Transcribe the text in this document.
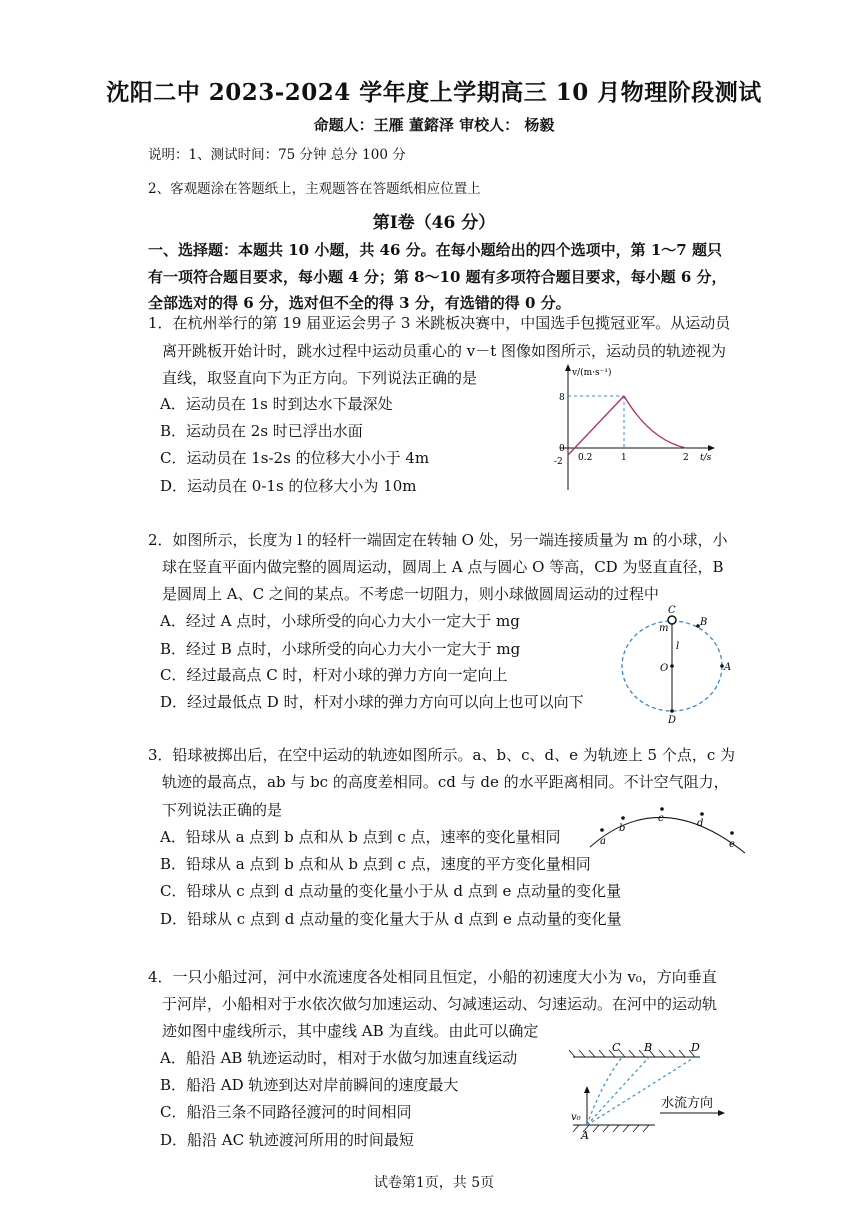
沈阳二中 2023-2024 学年度上学期高三 10 月物理阶段测试
命题人：王雁 董鎔泽 审校人： 杨毅
说明：1、测试时间：75 分钟 总分 100 分
2、客观题涂在答题纸上，主观题答在答题纸相应位置上
第Ⅰ卷（46 分）
一、选择题：本题共 10 小题，共 46 分。在每小题给出的四个选项中，第 1～7 题只有一项符合题目要求，每小题 4 分；第 8～10 题有多项符合题目要求，每小题 6 分，全部选对的得 6 分，选对但不全的得 3 分，有选错的得 0 分。
1．在杭州举行的第 19 届亚运会男子 3 米跳板决赛中，中国选手包揽冠亚军。从运动员
离开跳板开始计时，跳水过程中运动员重心的 v－t 图像如图所示，运动员的轨迹视为
直线，取竖直向下为正方向。下列说法正确的是
A．运动员在 1s 时到达水下最深处
B．运动员在 2s 时已浮出水面
C．运动员在 1s-2s 的位移大小小于 4m
D．运动员在 0-1s 的位移大小为 10m
v/(m·s⁻¹)
8
0
-2 0.2	1	2 t/s
2．如图所示，长度为 l 的轻杆一端固定在转轴 O 处，另一端连接质量为 m 的小球，小
球在竖直平面内做完整的圆周运动，圆周上 A 点与圆心 O 等高，CD 为竖直直径，B
是圆周上 A、C 之间的某点。不考虑一切阻力，则小球做圆周运动的过程中
A．经过 A 点时，小球所受的向心力大小一定大于 mg
B．经过 B 点时，小球所受的向心力大小一定大于 mg
C．经过最高点 C 时，杆对小球的弹力方向一定向上
D．经过最低点 D 时，杆对小球的弹力方向可以向上也可以向下
C
B
m
l
O	A
D
3．铅球被掷出后，在空中运动的轨迹如图所示。a、b、c、d、e 为轨迹上 5 个点，c 为
轨迹的最高点，ab 与 bc 的高度差相同。cd 与 de 的水平距离相同。不计空气阻力，
下列说法正确的是
A．铅球从 a 点到 b 点和从 b 点到 c 点，速率的变化量相同
B．铅球从 a 点到 b 点和从 b 点到 c 点，速度的平方变化量相同
C．铅球从 c 点到 d 点动量的变化量小于从 d 点到 e 点动量的变化量
D．铅球从 c 点到 d 点动量的变化量大于从 d 点到 e 点动量的变化量
a
b
c	d
e
4．一只小船过河，河中水流速度各处相同且恒定，小船的初速度大小为 v₀，方向垂直
于河岸，小船相对于水依次做匀加速运动、匀减速运动、匀速运动。在河中的运动轨
迹如图中虚线所示，其中虚线 AB 为直线。由此可以确定
A．船沿 AB 轨迹运动时，相对于水做匀加速直线运动
B．船沿 AD 轨迹到达对岸前瞬间的速度最大
C．船沿三条不同路径渡河的时间相同
D．船沿 AC 轨迹渡河所用的时间最短
C B	D
A
v₀
水流方向
试卷第1页，共 5页
